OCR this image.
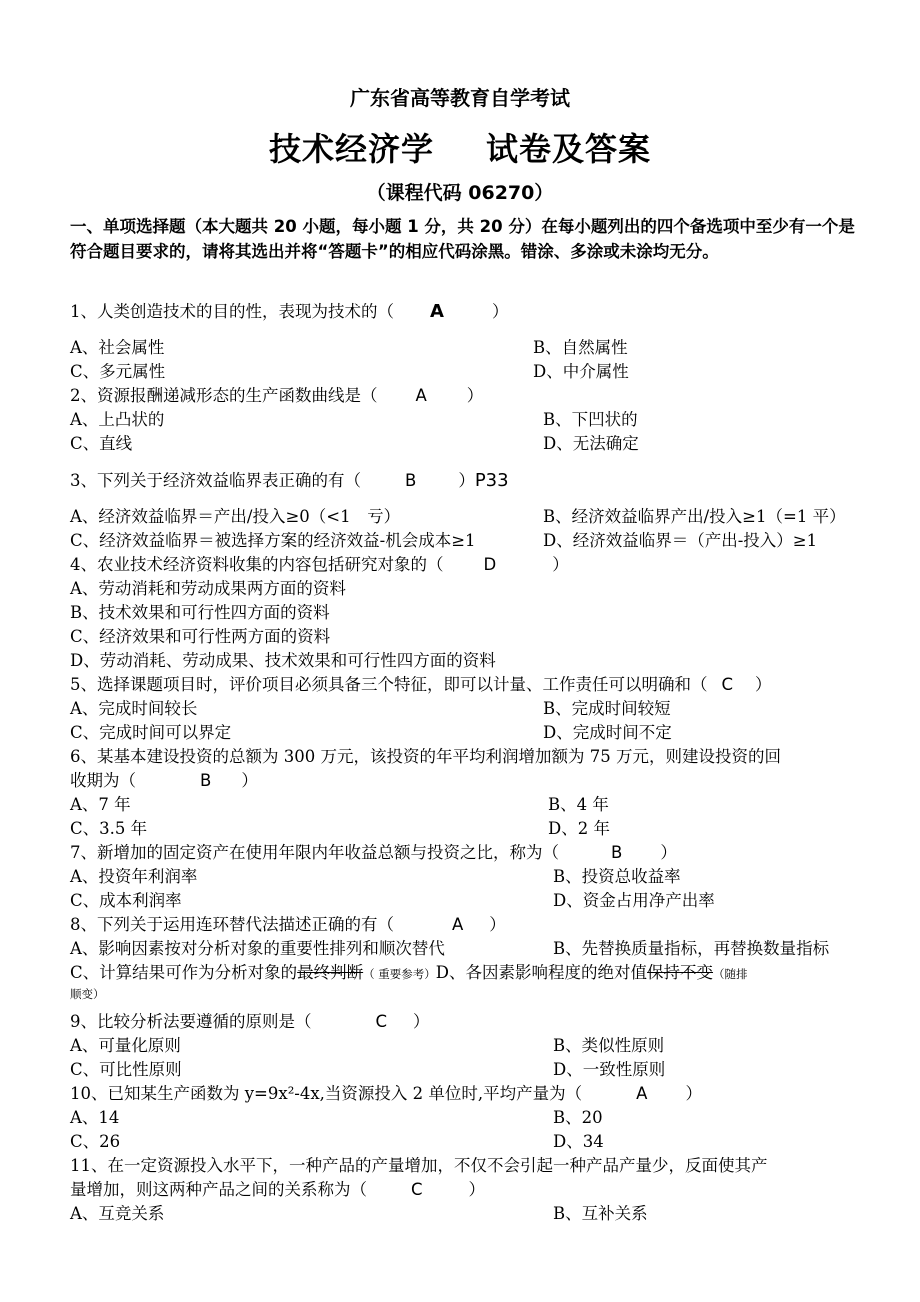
广东省高等教育自学考试
技术经济学 试卷及答案
（课程代码 06270）
一、单项选择题（本大题共 20 小题，每小题 1 分，共 20 分）在每小题列出的四个备选项中至少有一个是符合题目要求的，请将其选出并将“答题卡”的相应代码涂黑。错涂、多涂或未涂均无分。
1、人类创造技术的目的性，表现为技术的（ A	）
A、社会属性	B、自然属性
C、多元属性	D、中介属性
2、资源报酬递减形态的生产函数曲线是（ A ）
A、上凸状的	B、下凹状的
C、直线	D、无法确定
3、下列关于经济效益临界表正确的有（	B	）P33
A、经济效益临界＝产出/投入≥0（<1　亏）	B、经济效益临界产出/投入≥1（=1 平）
C、经济效益临界＝被选择方案的经济效益-机会成本≥1	D、经济效益临界＝（产出-投入）≥1
4、农业技术经济资料收集的内容包括研究对象的（ D	）
A、劳动消耗和劳动成果两方面的资料
B、技术效果和可行性四方面的资料
C、经济效果和可行性两方面的资料
D、劳动消耗、劳动成果、技术效果和可行性四方面的资料
5、选择课题项目时，评价项目必须具备三个特征，即可以计量、工作责任可以明确和（ C ）
A、完成时间较长	B、完成时间较短
C、完成时间可以界定	D、完成时间不定
6、某基本建设投资的总额为 300 万元，该投资的年平均利润增加额为 75 万元，则建设投资的回
收期为（	B ）
A、7 年	B、4 年
C、3.5 年	D、2 年
7、新增加的固定资产在使用年限内年收益总额与投资之比，称为（	B ）
A、投资年利润率	B、投资总收益率
C、成本利润率	D、资金占用净产出率
8、下列关于运用连环替代法描述正确的有（	A ）
A、影响因素按对分析对象的重要性排列和顺次替代	B、先替换质量指标，再替换数量指标
C、计算结果可作为分析对象的最终判断（ 重要参考）D、各因素影响程度的绝对值保持不变（随排
顺变）
9、比较分析法要遵循的原则是（	C ）
A、可量化原则	B、类似性原则
C、可比性原则	D、一致性原则
10、已知某生产函数为 y=9x²-4x,当资源投入 2 单位时,平均产量为（	A ）
A、14	B、20
C、26	D、34
11、在一定资源投入水平下，一种产品的产量增加，不仅不会引起一种产品产量少，反面使其产
量增加，则这两种产品之间的关系称为（	C	）
A、互竞关系	B、互补关系
